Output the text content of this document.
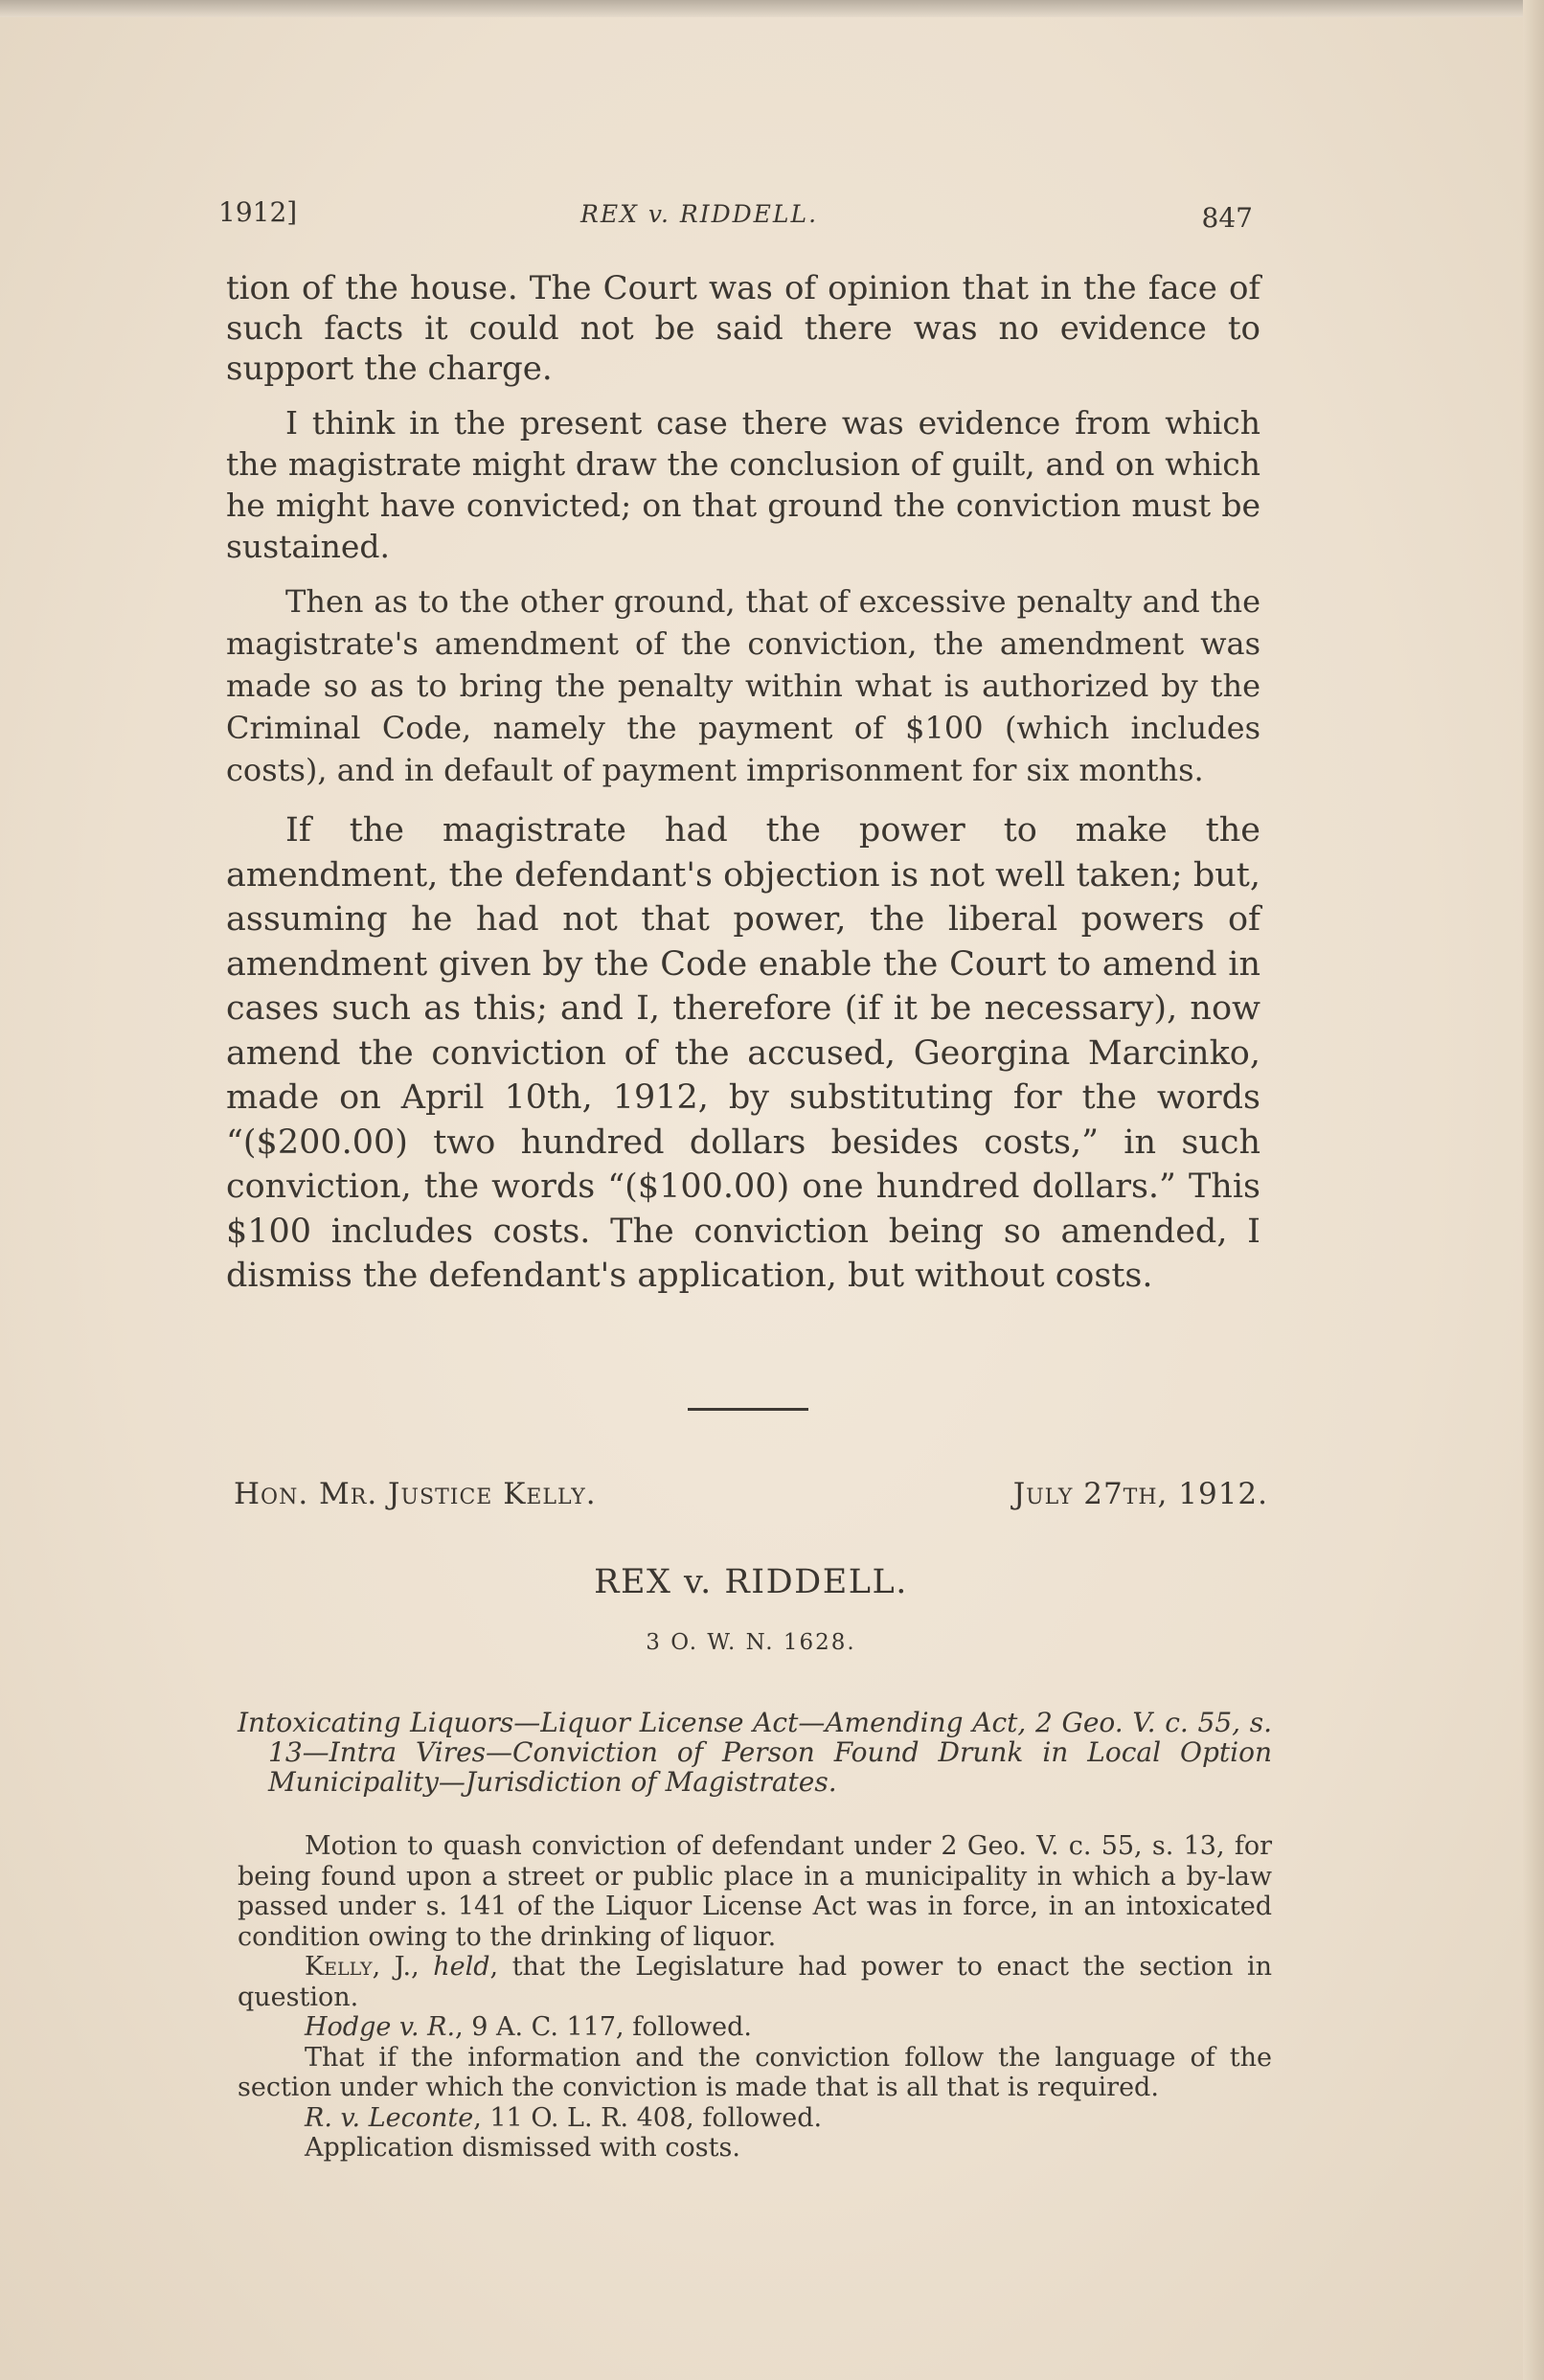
1912]	REX v. RIDDELL.	847

tion of the house. The Court was of opinion that in the face of such facts it could not be said there was no evidence to support the charge.

I think in the present case there was evidence from which the magistrate might draw the conclusion of guilt, and on which he might have convicted; on that ground the conviction must be sustained.

Then as to the other ground, that of excessive penalty and the magistrate's amendment of the conviction, the amendment was made so as to bring the penalty within what is authorized by the Criminal Code, namely the payment of $100 (which includes costs), and in default of payment imprisonment for six months.

If the magistrate had the power to make the amendment, the defendant's objection is not well taken; but, assuming he had not that power, the liberal powers of amendment given by the Code enable the Court to amend in cases such as this; and I, therefore (if it be necessary), now amend the conviction of the accused, Georgina Marcinko, made on April 10th, 1912, by substituting for the words “($200.00) two hundred dollars besides costs,” in such conviction, the words “($100.00) one hundred dollars.” This $100 includes costs. The conviction being so amended, I dismiss the defendant's application, but without costs.

Hon. Mr. Justice Kelly.	July 27th, 1912.
REX v. RIDDELL.
3 O. W. N. 1628.
Intoxicating Liquors—Liquor License Act—Amending Act, 2 Geo. V. c. 55, s. 13—Intra Vires—Conviction of Person Found Drunk in Local Option Municipality—Jurisdiction of Magistrates.

Motion to quash conviction of defendant under 2 Geo. V. c. 55, s. 13, for being found upon a street or public place in a municipality in which a by-law passed under s. 141 of the Liquor License Act was in force, in an intoxicated condition owing to the drinking of liquor.

Kelly, J., held, that the Legislature had power to enact the section in question.

Hodge v. R., 9 A. C. 117, followed.

That if the information and the conviction follow the language of the section under which the conviction is made that is all that is required.

R. v. Leconte, 11 O. L. R. 408, followed.

Application dismissed with costs.
